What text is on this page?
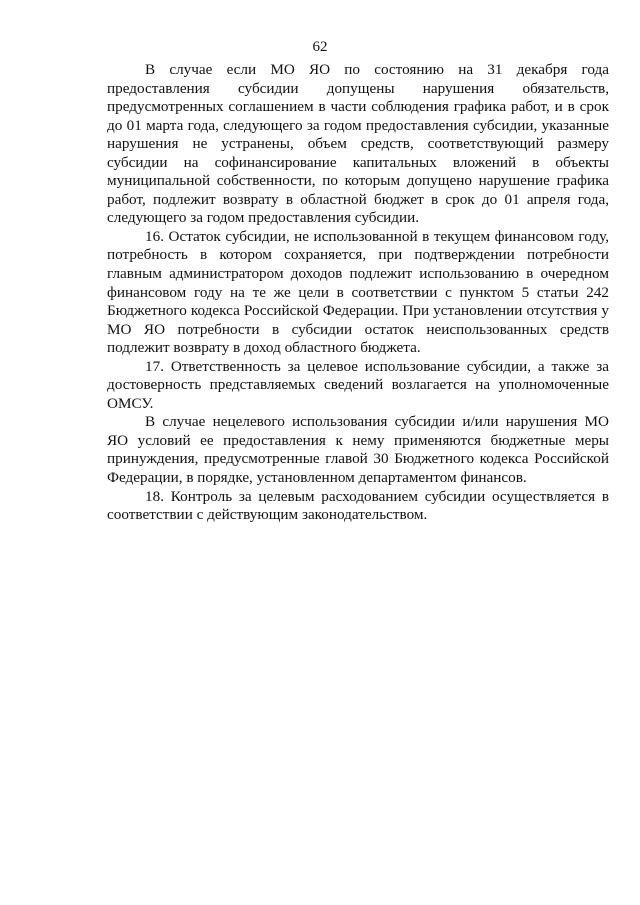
62

В случае если МО ЯО по состоянию на 31 декабря года предоставления субсидии допущены нарушения обязательств, предусмотренных соглашением в части соблюдения графика работ, и в срок до 01 марта года, следующего за годом предоставления субсидии, указанные нарушения не устранены, объем средств, соответствующий размеру субсидии на софинансирование капитальных вложений в объекты муниципальной собственности, по которым допущено нарушение графика работ, подлежит возврату в областной бюджет в срок до 01 апреля года, следующего за годом предоставления субсидии.

16. Остаток субсидии, не использованной в текущем финансовом году, потребность в котором сохраняется, при подтверждении потребности главным администратором доходов подлежит использованию в очередном финансовом году на те же цели в соответствии с пунктом 5 статьи 242 Бюджетного кодекса Российской Федерации. При установлении отсутствия у МО ЯО потребности в субсидии остаток неиспользованных средств подлежит возврату в доход областного бюджета.

17. Ответственность за целевое использование субсидии, а также за достоверность представляемых сведений возлагается на уполномоченные ОМСУ.

В случае нецелевого использования субсидии и/или нарушения МО ЯО условий ее предоставления к нему применяются бюджетные меры принуждения, предусмотренные главой 30 Бюджетного кодекса Российской Федерации, в порядке, установленном департаментом финансов.

18. Контроль за целевым расходованием субсидии осуществляется в соответствии с действующим законодательством.
